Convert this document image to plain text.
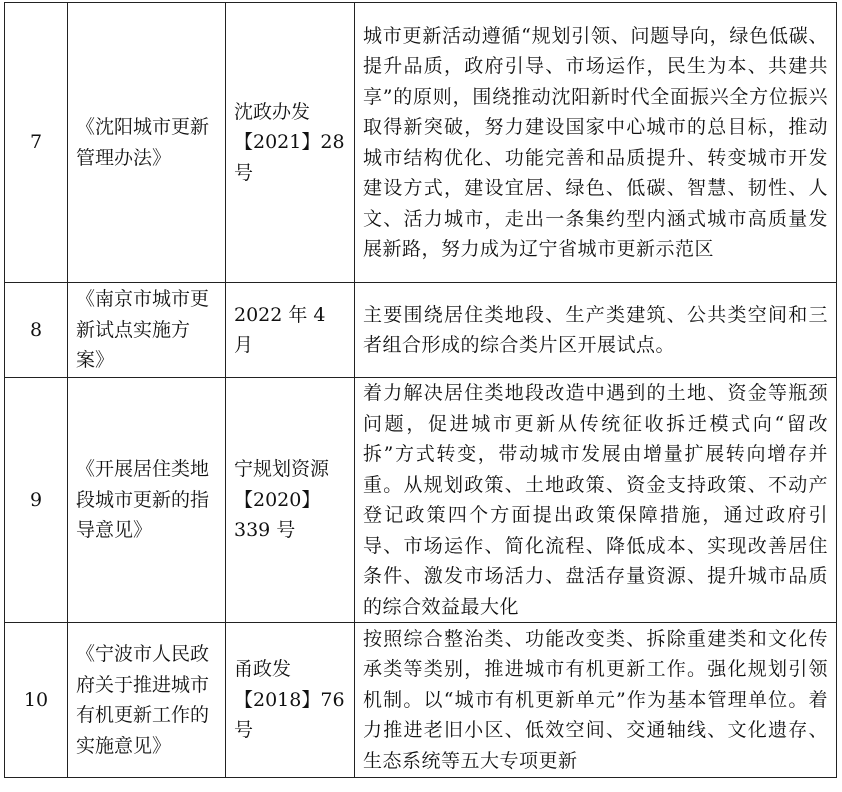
7	《沈阳城市更新管理办法》	沈政办发【2021】28号	城市更新活动遵循“规划引领、问题导向，绿色低碳、提升品质，政府引导、市场运作，民生为本、共建共享”的原则，围绕推动沈阳新时代全面振兴全方位振兴取得新突破，努力建设国家中心城市的总目标，推动城市结构优化、功能完善和品质提升、转变城市开发建设方式，建设宜居、绿色、低碳、智慧、韧性、人文、活力城市，走出一条集约型内涵式城市高质量发展新路，努力成为辽宁省城市更新示范区
8	《南京市城市更新试点实施方案》	2022 年 4 月	主要围绕居住类地段、生产类建筑、公共类空间和三者组合形成的综合类片区开展试点。
9	《开展居住类地段城市更新的指导意见》	宁规划资源【2020】339 号	着力解决居住类地段改造中遇到的土地、资金等瓶颈问题，促进城市更新从传统征收拆迁模式向“留改拆”方式转变，带动城市发展由增量扩展转向增存并重。从规划政策、土地政策、资金支持政策、不动产登记政策四个方面提出政策保障措施，通过政府引导、市场运作、简化流程、降低成本、实现改善居住条件、激发市场活力、盘活存量资源、提升城市品质的综合效益最大化
10	《宁波市人民政府关于推进城市有机更新工作的实施意见》	甬政发【2018】76号	按照综合整治类、功能改变类、拆除重建类和文化传承类等类别，推进城市有机更新工作。强化规划引领机制。以“城市有机更新单元”作为基本管理单位。着力推进老旧小区、低效空间、交通轴线、文化遗存、生态系统等五大专项更新
